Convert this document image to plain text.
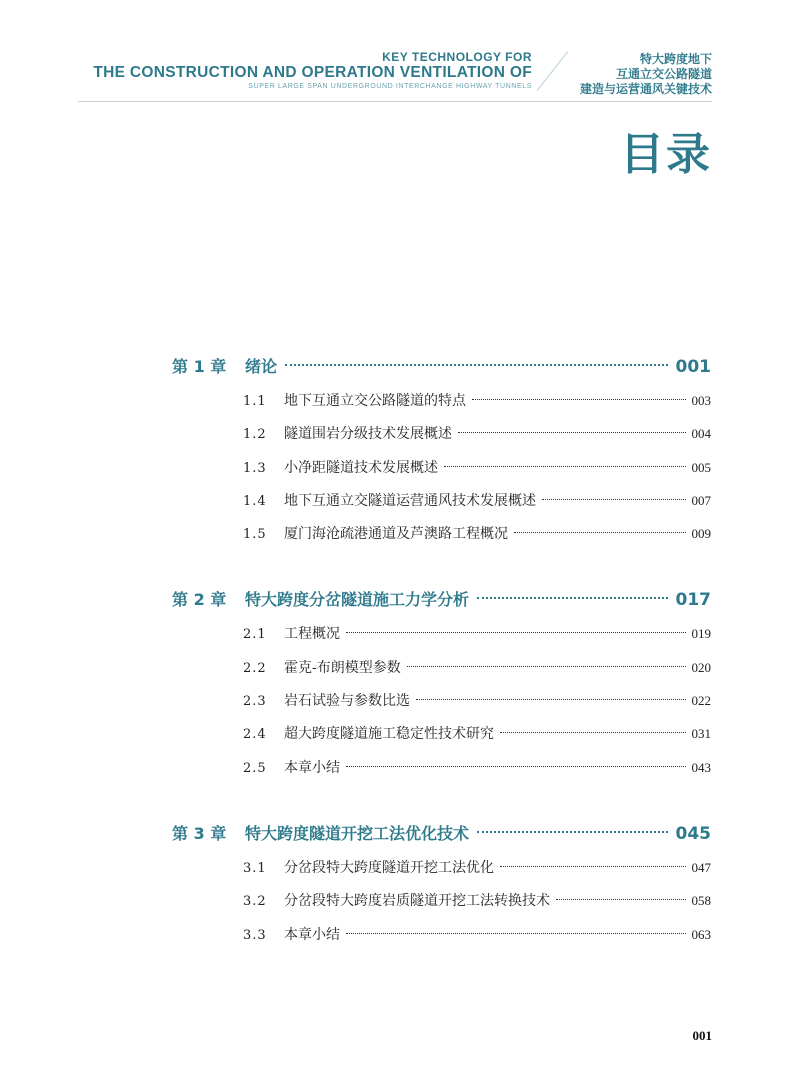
KEY TECHNOLOGY FOR
THE CONSTRUCTION AND OPERATION VENTILATION OF
SUPER LARGE SPAN UNDERGROUND INTERCHANGE HIGHWAY TUNNELS
特大跨度地下
互通立交公路隧道
建造与运营通风关键技术
目录
第 1 章	绪论	001
1.1	地下互通立交公路隧道的特点	003
1.2	隧道围岩分级技术发展概述	004
1.3	小净距隧道技术发展概述	005
1.4	地下互通立交隧道运营通风技术发展概述	007
1.5	厦门海沧疏港通道及芦澳路工程概况	009
第 2 章	特大跨度分岔隧道施工力学分析	017
2.1	工程概况	019
2.2	霍克-布朗模型参数	020
2.3	岩石试验与参数比选	022
2.4	超大跨度隧道施工稳定性技术研究	031
2.5	本章小结	043
第 3 章	特大跨度隧道开挖工法优化技术	045
3.1	分岔段特大跨度隧道开挖工法优化	047
3.2	分岔段特大跨度岩质隧道开挖工法转换技术	058
3.3	本章小结	063
001
